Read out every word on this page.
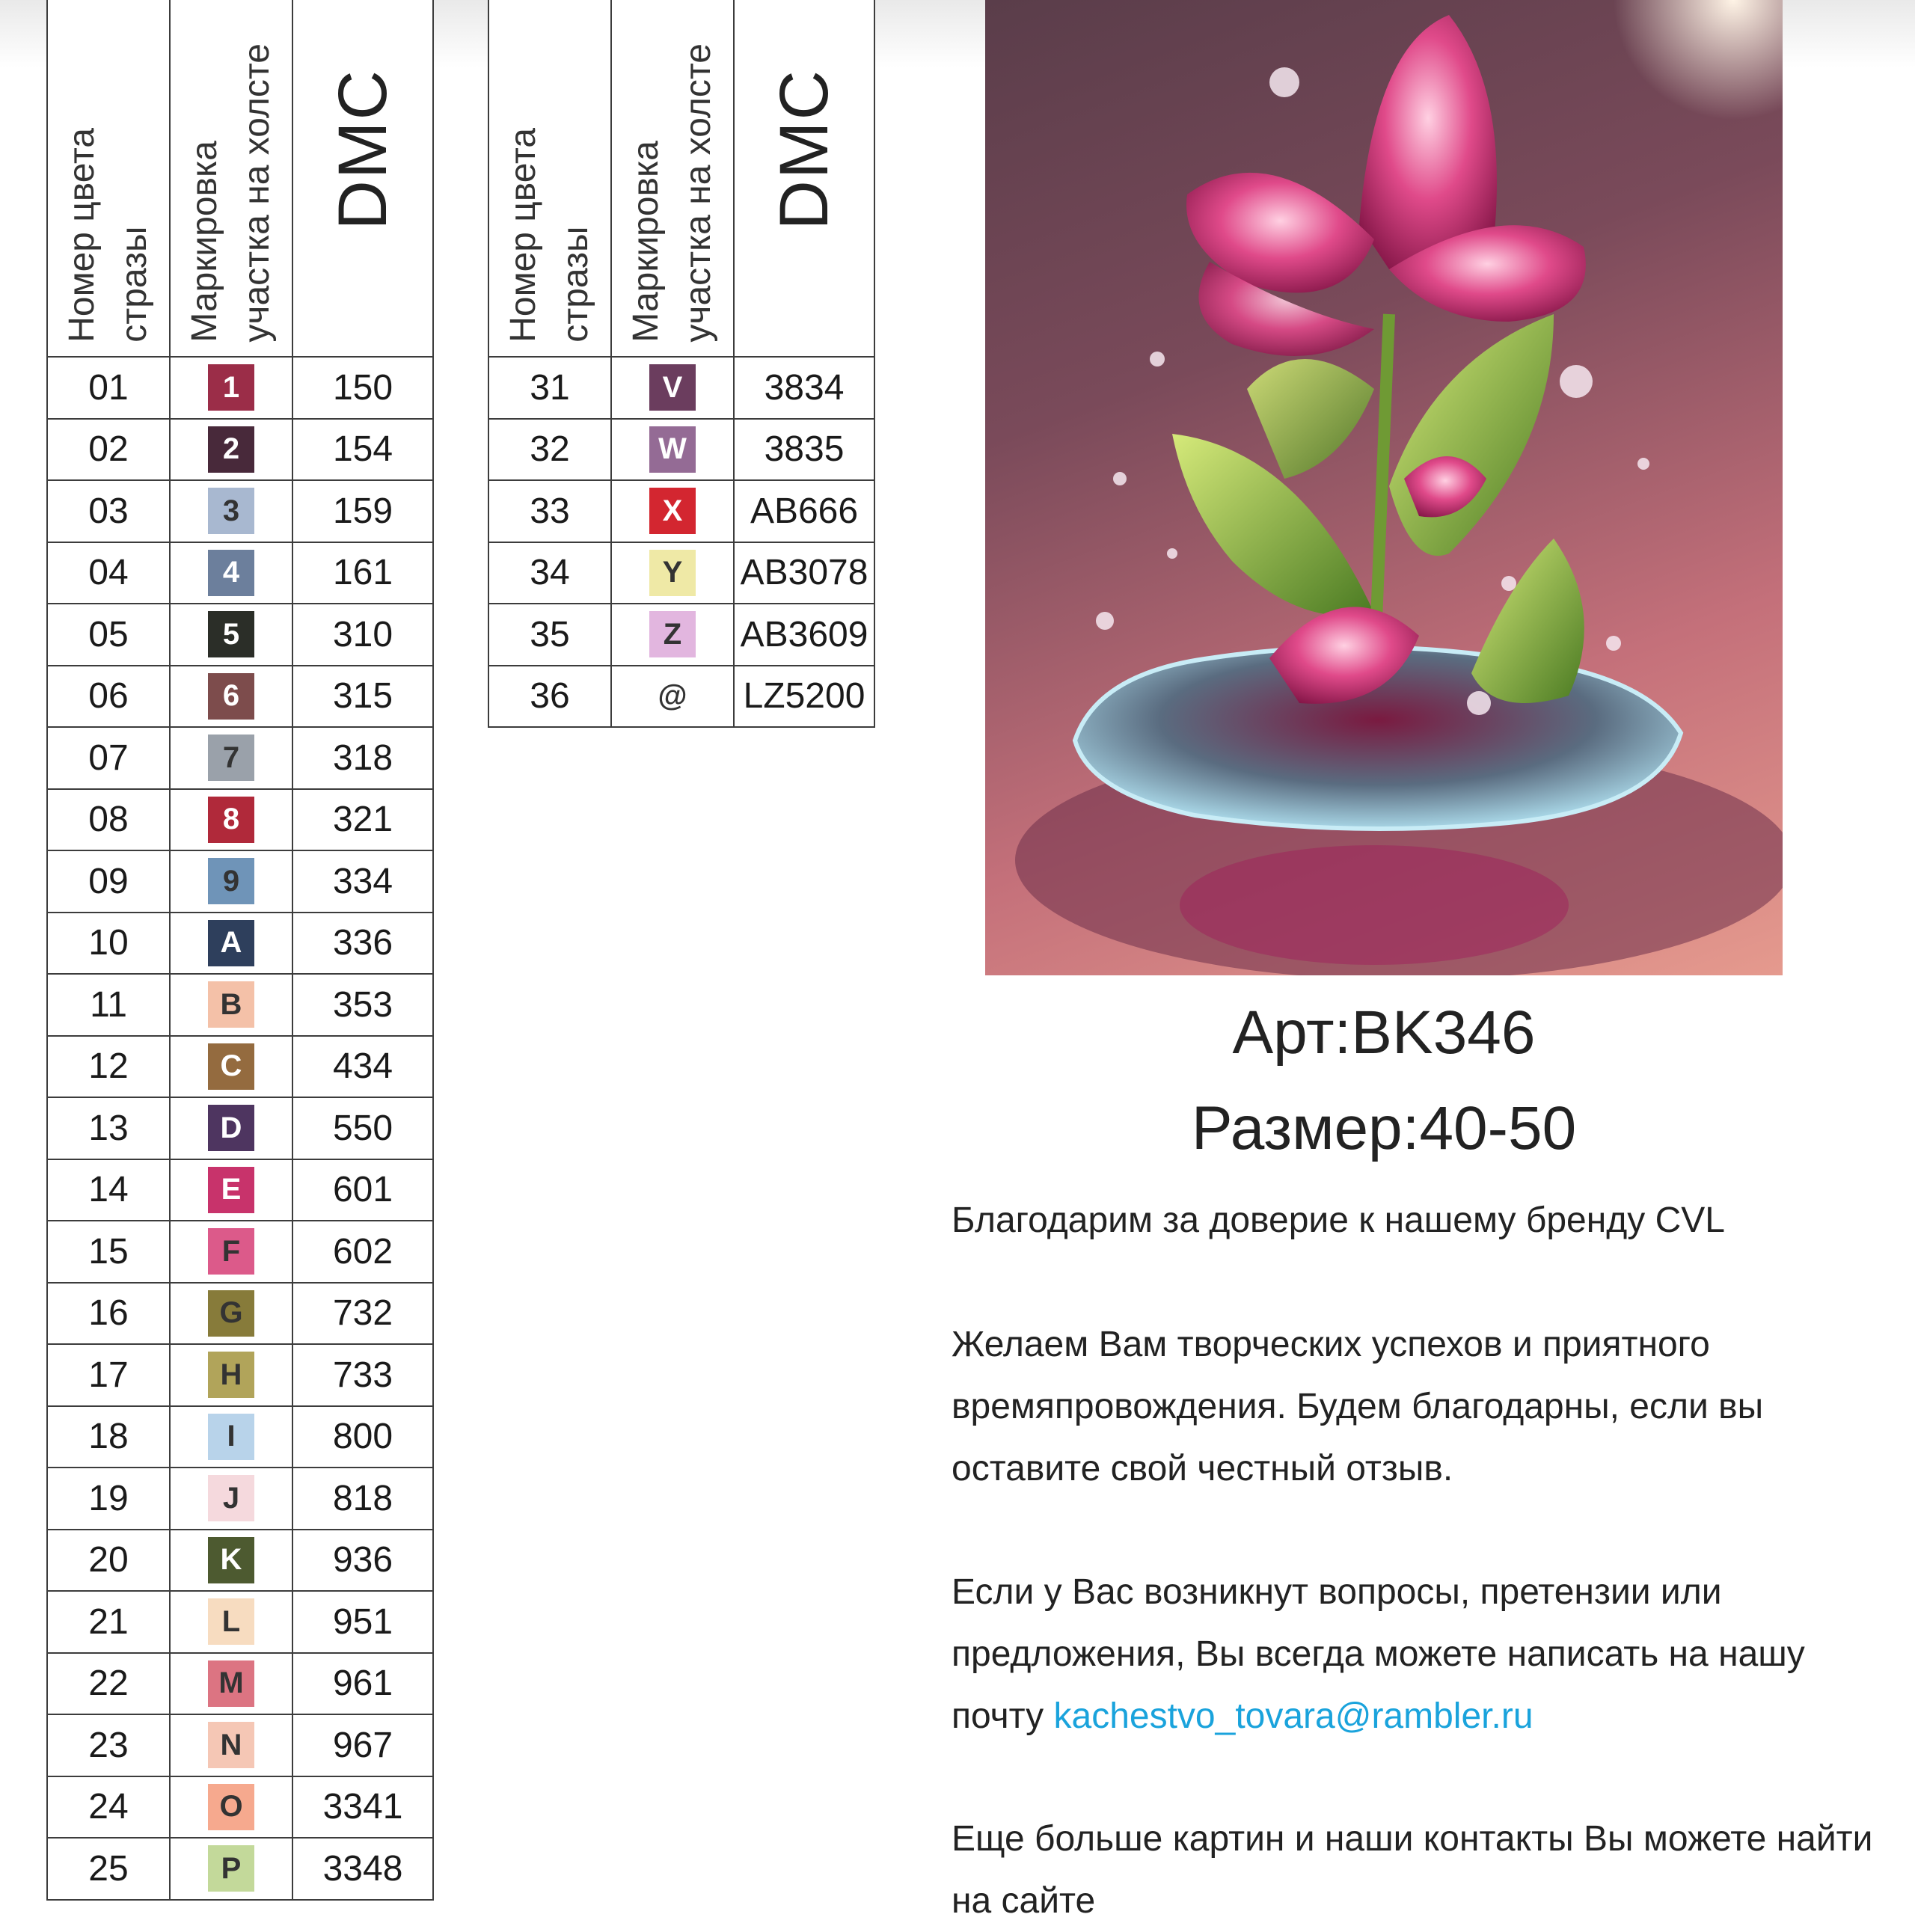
Номер цвета
стразы	Маркировка
участка на холсте	DMC

01	1	150
02	2	154
03	3	159
04	4	161
05	5	310
06	6	315
07	7	318
08	8	321
09	9	334
10	A	336
11	B	353
12	C	434
13	D	550
14	E	601
15	F	602
16	G	732
17	H	733
18	I	800
19	J	818
20	K	936
21	L	951
22	M	961
23	N	967
24	O	3341
25	P	3348
Номер цвета
стразы	Маркировка
участка на холсте	DMC

31	V	3834
32	W	3835
33	X	AB666
34	Y	AB3078
35	Z	AB3609
36	@	LZ5200
Арт:BK346
Размер:40-50

Благодарим за доверие к нашему бренду CVL

Желаем Вам творческих успехов и приятного времяпровождения. Будем благодарны, если вы оставите свой честный отзыв.

Если у Вас возникнут вопросы, претензии или предложения, Вы всегда можете написать на нашу почту kachestvo_tovara@rambler.ru

Еще больше картин и наши контакты Вы можете найти на сайте
